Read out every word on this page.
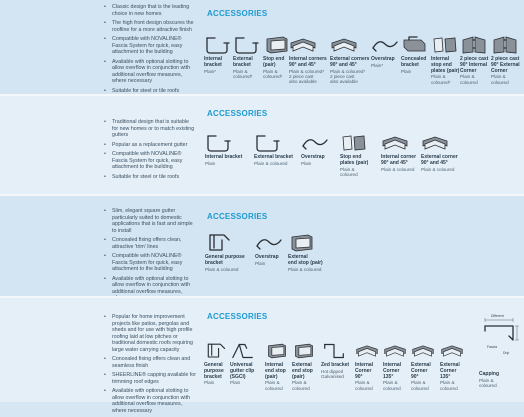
• Classic design that is the leading choice in new homes
• The high front design obscures the roofline for a more attractive finish
• Compatible with NOVALINE® Fascia System for quick, easy attachment to the building
• Available with optional slotting to allow overflow in conjunction with additional overflow measures, where necessary
• Suitable for steel or tile roofs
ACCESSORIES
Internal
bracket
Plain*
External
bracket
Plain &
coloured*
Stop end
(pair)
Plain &
coloured*
Internal corners
90° and 45°
Plain & coloured*
2 piece cast
also available
External corners
90° and 45°
Plain & coloured*
2 piece cast
also available
Overstrap
Plain*
Concealed
bracket
Plain
Internal
stop end
plates (pair)
Plain &
coloured*
2 piece cast
90° Internal
Corner
Plain &
coloured
2 piece cast
90° External
Corner
Plain &
coloured
• Traditional design that is suitable for new homes or to match existing gutters
• Popular as a replacement gutter
• Compatible with NOVALINE® Fascia System for quick, easy attachment to the building
• Suitable for steel or tile roofs
ACCESSORIES
Internal bracket
Plain
External bracket
Plain & coloured
Overstrap
Plain
Stop end
plates (pair)
Plain &
coloured
Internal corner
90° and 45°
Plain & coloured
External corner
90° and 45°
Plain & coloured
• Slim, elegant square gutter particularly suited to domestic applications that is fast and simple to install
• Concealed fixing offers clean, attractive 'trim' lines
• Compatible with NOVALINE® Fascia System for quick, easy attachment to the building
• Available with optional slotting to allow overflow in conjunction with additional overflow measures,
•
ACCESSORIES
General purpose
bracket
Plain & coloured
Overstrap
Plain
External
end stop (pair)
Plain & coloured
• Popular for home improvement projects like patios, pergolas and sheds and for use with high profile roofing laid at low pitches or traditional domestic roofs requiring large water carrying capacity
• Concealed fixing offers clean and seamless finish
• SHEERLINE® capping available for trimming roof edges
• Available with optional slotting to allow overflow in conjunction with additional overflow measures, where necessary
ACCESSORIES
General
purpose
bracket
Plain
Universal
gutter clip
(SGCI)
Plain
Internal
end stop
(pair)
Plain &
coloured
External
end stop
(pair)
Plain &
coloured
Zed bracket
Hot dipped
Galvanised
Internal
Corner
90°
Plain &
coloured
Internal
Corner
135°
Plain &
coloured
External
Corner
90°
Plain &
coloured
External
Corner
135°
Plain &
coloured
Different
Fascia
Drip
Capping
Plain &
coloured
